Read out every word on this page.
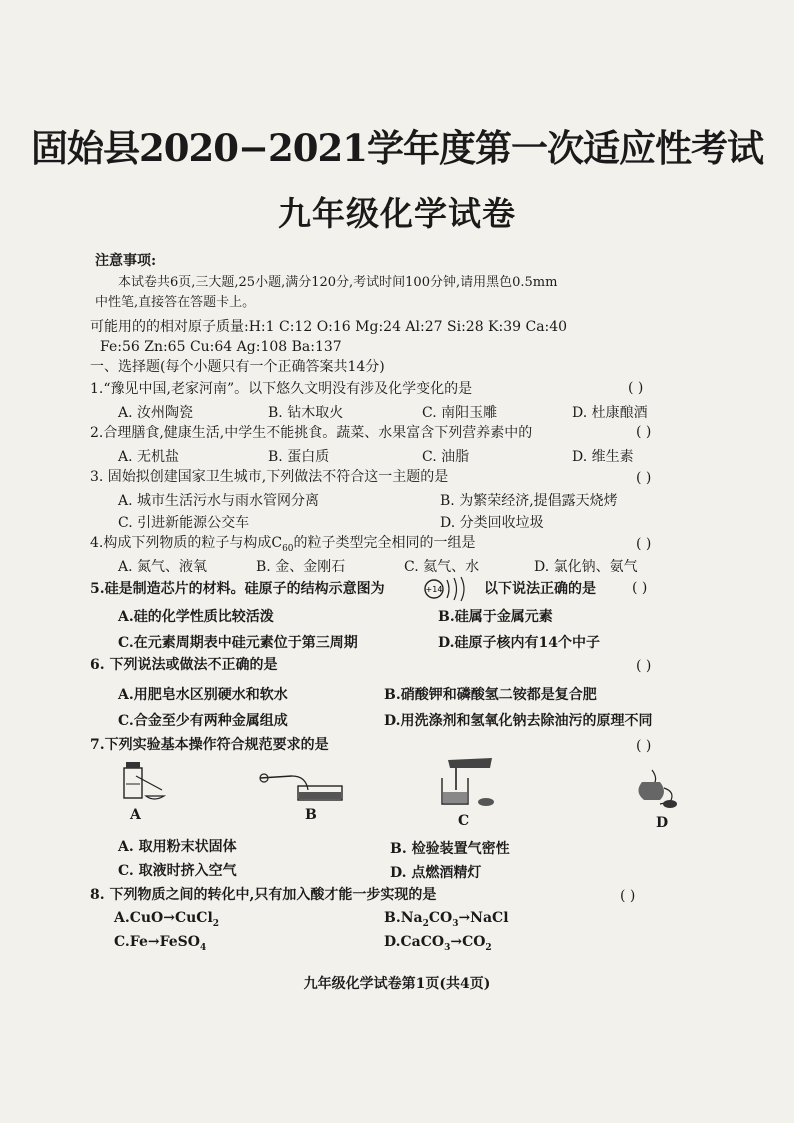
固始县2020−2021学年度第一次适应性考试
九年级化学试卷
注意事项:
本试卷共6页,三大题,25小题,满分120分,考试时间100分钟,请用黑色0.5mm
中性笔,直接答在答题卡上。
可能用的的相对原子质量:H:1 C:12 O:16 Mg:24 Al:27 Si:28 K:39 Ca:40
Fe:56 Zn:65 Cu:64 Ag:108 Ba:137
一、选择题(每个小题只有一个正确答案共14分)
1.“豫见中国,老家河南”。以下悠久文明没有涉及化学变化的是	( )
A. 汝州陶瓷	B. 钻木取火	C. 南阳玉雕	D. 杜康酿酒
2.合理膳食,健康生活,中学生不能挑食。蔬菜、水果富含下列营养素中的	( )
A. 无机盐	B. 蛋白质	C. 油脂	D. 维生素
3. 固始拟创建国家卫生城市,下列做法不符合这一主题的是	( )
A. 城市生活污水与雨水管网分离	B. 为繁荣经济,提倡露天烧烤
C. 引进新能源公交车	D. 分类回收垃圾
4.构成下列物质的粒子与构成$C_{60}$的粒子类型完全相同的一组是	( )
A. 氮气、液氧	B. 金、金刚石	C. 氦气、水	D. 氯化钠、氨气
5.硅是制造芯片的材料。硅原子的结构示意图为	+14	以下说法正确的是	( )
A.硅的化学性质比较活泼	B.硅属于金属元素
C.在元素周期表中硅元素位于第三周期	D.硅原子核内有14个中子
6. 下列说法或做法不正确的是	( )
A.用肥皂水区别硬水和软水	B.硝酸钾和磷酸氢二铵都是复合肥
C.合金至少有两种金属组成	D.用洗涤剂和氢氧化钠去除油污的原理不同
7.下列实验基本操作符合规范要求的是	( )
A	B	C	D
A. 取用粉末状固体	B. 检验装置气密性
C. 取液时挤入空气	D. 点燃酒精灯
8. 下列物质之间的转化中,只有加入酸才能一步实现的是	( )
A.CuO→CuCl$_2$	$B.Na_2CO_3\to NaCl$
C.Fe→FeSO$_4$	$D.CaCO_3\to CO_2$
九年级化学试卷第1页(共4页)
